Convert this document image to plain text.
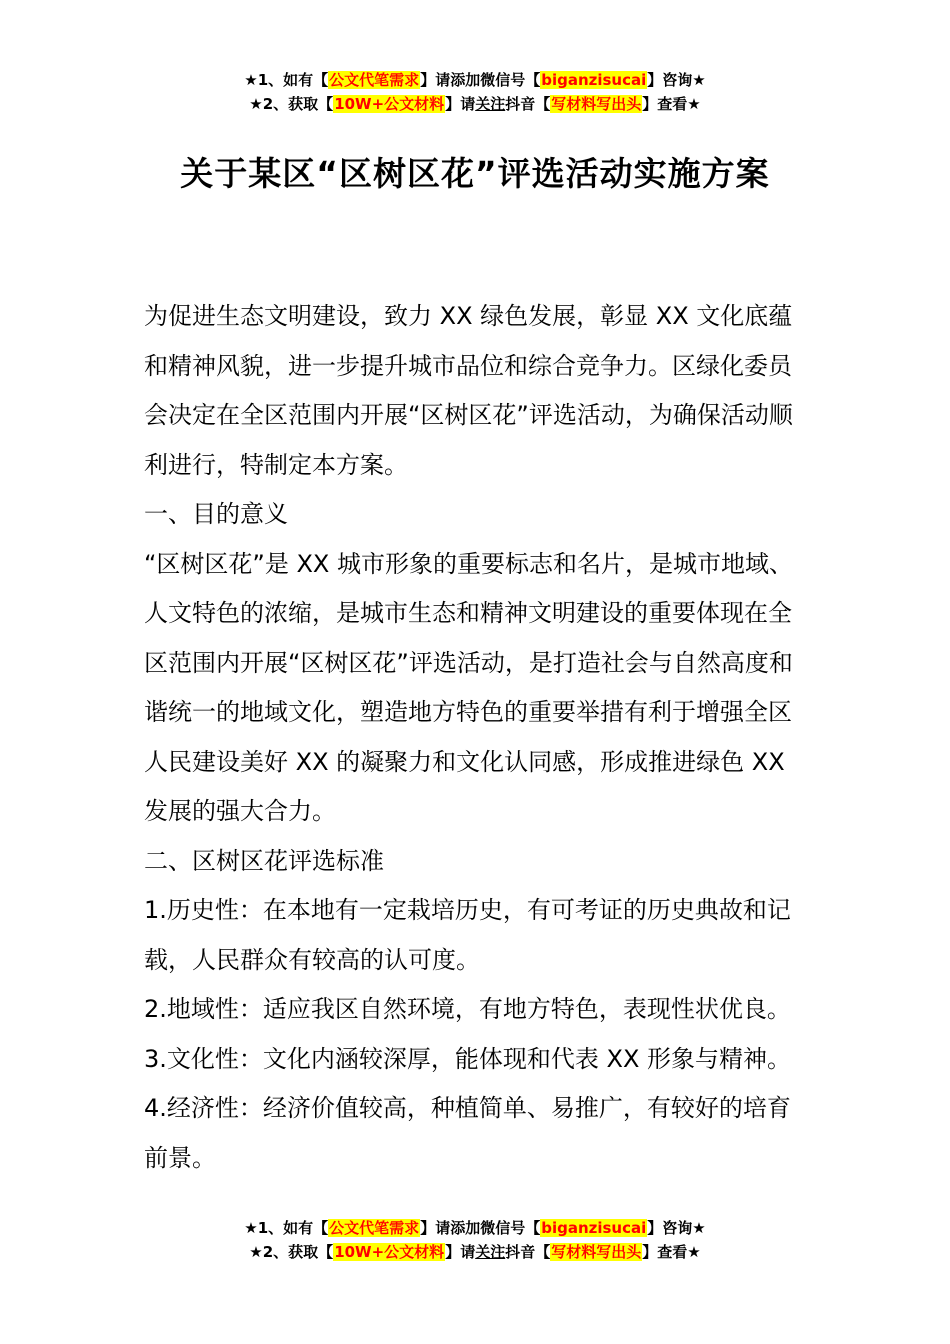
★1、如有【公文代笔需求】请添加微信号【biganzisucai】咨询★
★2、获取【10W+公文材料】请关注抖音【写材料写出头】查看★
关于某区“区树区花”评选活动实施方案

为促进生态文明建设，致力 XX 绿色发展，彰显 XX 文化底蕴和精神风貌，进一步提升城市品位和综合竞争力。区绿化委员会决定在全区范围内开展“区树区花”评选活动，为确保活动顺利进行，特制定本方案。

一、目的意义

“区树区花”是 XX 城市形象的重要标志和名片，是城市地域、人文特色的浓缩，是城市生态和精神文明建设的重要体现在全区范围内开展“区树区花”评选活动，是打造社会与自然高度和谐统一的地域文化，塑造地方特色的重要举措有利于增强全区人民建设美好 XX 的凝聚力和文化认同感，形成推进绿色 XX 发展的强大合力。

二、区树区花评选标准

1.历史性：在本地有一定栽培历史，有可考证的历史典故和记载，人民群众有较高的认可度。

2.地域性：适应我区自然环境，有地方特色，表现性状优良。

3.文化性：文化内涵较深厚，能体现和代表 XX 形象与精神。

4.经济性：经济价值较高，种植简单、易推广，有较好的培育前景。

★1、如有【公文代笔需求】请添加微信号【biganzisucai】咨询★
★2、获取【10W+公文材料】请关注抖音【写材料写出头】查看★
